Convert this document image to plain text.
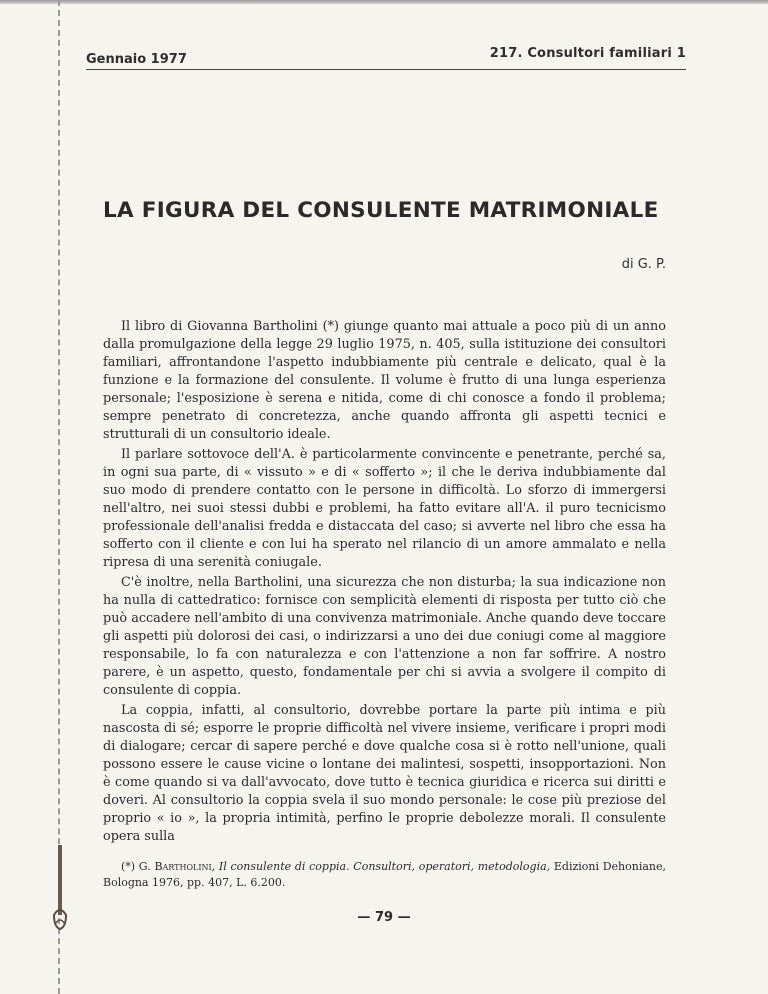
Gennaio 1977	217. Consultori familiari 1
LA FIGURA DEL CONSULENTE MATRIMONIALE
di G. P.

Il libro di Giovanna Bartholini (*) giunge quanto mai attuale a poco più di un anno dalla promulgazione della legge 29 luglio 1975, n. 405, sulla istituzione dei consultori familiari, affrontandone l'aspetto indubbiamente più centrale e delicato, qual è la funzione e la formazione del consulente. Il volume è frutto di una lunga esperienza personale; l'esposizione è serena e nitida, come di chi conosce a fondo il problema; sempre penetrato di concretezza, anche quando affronta gli aspetti tecnici e strutturali di un consultorio ideale.

Il parlare sottovoce dell'A. è particolarmente convincente e penetrante, perché sa, in ogni sua parte, di « vissuto » e di « sofferto »; il che le deriva indubbiamente dal suo modo di prendere contatto con le persone in difficoltà. Lo sforzo di immergersi nell'altro, nei suoi stessi dubbi e problemi, ha fatto evitare all'A. il puro tecnicismo professionale dell'analisi fredda e distaccata del caso; si avverte nel libro che essa ha sofferto con il cliente e con lui ha sperato nel rilancio di un amore ammalato e nella ripresa di una serenità coniugale.

C'è inoltre, nella Bartholini, una sicurezza che non disturba; la sua indicazione non ha nulla di cattedratico: fornisce con semplicità elementi di risposta per tutto ciò che può accadere nell'ambito di una convivenza matrimoniale. Anche quando deve toccare gli aspetti più dolorosi dei casi, o indirizzarsi a uno dei due coniugi come al maggiore responsabile, lo fa con naturalezza e con l'attenzione a non far soffrire. A nostro parere, è un aspetto, questo, fondamentale per chi si avvia a svolgere il compito di consulente di coppia.

La coppia, infatti, al consultorio, dovrebbe portare la parte più intima e più nascosta di sé; esporre le proprie difficoltà nel vivere insieme, verificare i propri modi di dialogare; cercar di sapere perché e dove qualche cosa si è rotto nell'unione, quali possono essere le cause vicine o lontane dei malintesi, sospetti, insopportazioni. Non è come quando si va dall'avvocato, dove tutto è tecnica giuridica e ricerca sui diritti e doveri. Al consultorio la coppia svela il suo mondo personale: le cose più preziose del proprio « io », la propria intimità, perfino le proprie debolezze morali. Il consulente opera sulla

(*) G. Bartholini, Il consulente di coppia. Consultori, operatori, metodologia, Edizioni Dehoniane, Bologna 1976, pp. 407, L. 6.200.
— 79 —
